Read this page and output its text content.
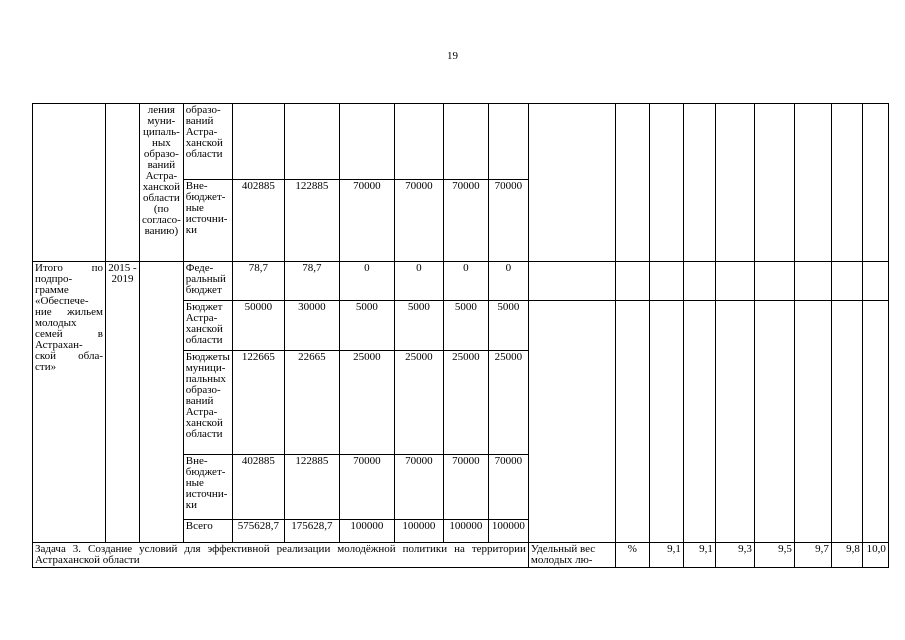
19
		ления муни-ципаль-ных образо-ваний Астра-ханской области (по согласо-ванию)	образо-ваний Астра-ханской области															
			Вне-бюджет-ные источни-ки	402885	122885	70000	70000	70000	70000									
Итого по подпро-грамме «Обеспече-ние жильем молодых семей в Астрахан-ской обла-сти»	2015 - 2019		Феде-ральный бюджет	78,7	78,7	0	0	0	0									
			Бюджет Астра-ханской области	50000	30000	5000	5000	5000	5000									
			Бюджеты муници-пальных образо-ваний Астра-ханской области	122665	22665	25000	25000	25000	25000									
			Вне-бюджет-ные источни-ки	402885	122885	70000	70000	70000	70000									
			Всего	575628,7	175628,7	100000	100000	100000	100000									
Задача 3. Создание условий для эффективной реализации молодёжной политики на территории Астраханской области										Удельный вес молодых лю-	%	9,1	9,1	9,3	9,5	9,7	9,8	10,0
